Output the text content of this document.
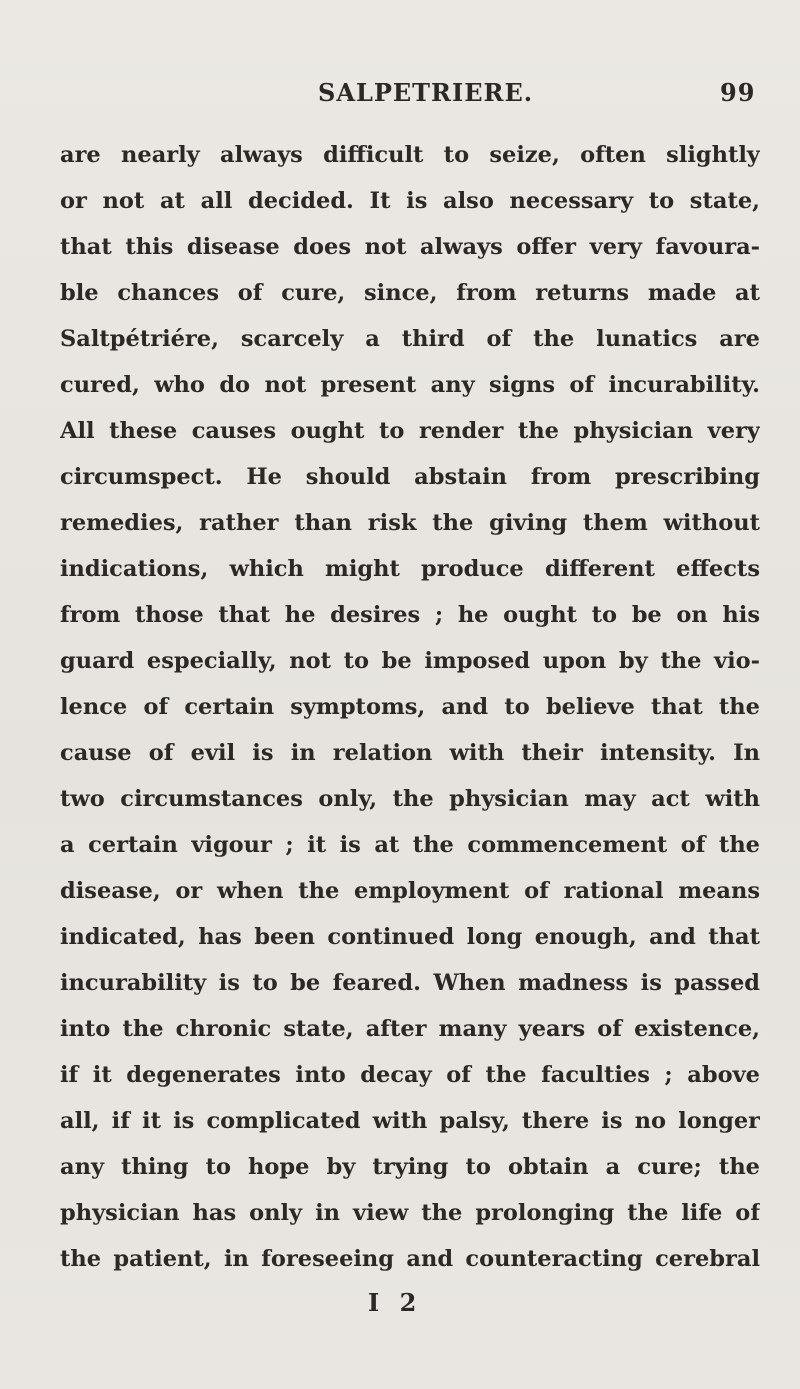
SALPETRIERE.	99
are nearly always difficult to seize, often slightly
or not at all decided. It is also necessary to state,
that this disease does not always offer very favoura-
ble chances of cure, since, from returns made at
Saltpétriére, scarcely a third of the lunatics are
cured, who do not present any signs of incurability.
All these causes ought to render the physician very
circumspect. He should abstain from prescribing
remedies, rather than risk the giving them without
indications, which might produce different effects
from those that he desires ; he ought to be on his
guard especially, not to be imposed upon by the vio-
lence of certain symptoms, and to believe that the
cause of evil is in relation with their intensity. In
two circumstances only, the physician may act with
a certain vigour ; it is at the commencement of the
disease, or when the employment of rational means
indicated, has been continued long enough, and that
incurability is to be feared. When madness is passed
into the chronic state, after many years of existence,
if it degenerates into decay of the faculties ; above
all, if it is complicated with palsy, there is no longer
any thing to hope by trying to obtain a cure; the
physician has only in view the prolonging the life of
the patient, in foreseeing and counteracting cerebral
I 2
